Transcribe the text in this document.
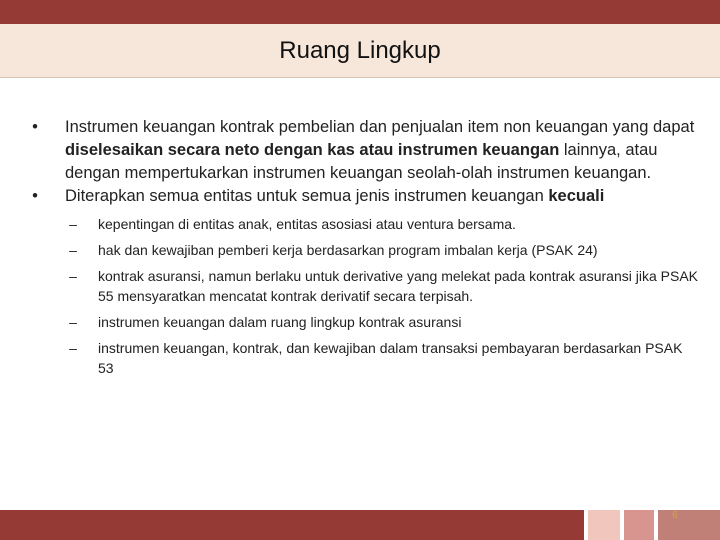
Ruang Lingkup
• Instrumen keuangan kontrak pembelian dan penjualan item non keuangan yang dapat diselesaikan secara neto dengan kas atau instrumen keuangan lainnya, atau dengan mempertukarkan instrumen keuangan seolah-olah instrumen keuangan.
• Diterapkan semua entitas untuk semua jenis instrumen keuangan kecuali
– kepentingan di entitas anak, entitas asosiasi atau ventura bersama.
– hak dan kewajiban pemberi kerja berdasarkan program imbalan kerja (PSAK 24)
– kontrak asuransi, namun berlaku untuk derivative yang melekat pada kontrak asuransi jika PSAK 55 mensyaratkan mencatat kontrak derivatif secara terpisah.
– instrumen keuangan dalam ruang lingkup kontrak asuransi
– instrumen keuangan, kontrak, dan kewajiban dalam transaksi pembayaran berdasarkan PSAK 53
6
